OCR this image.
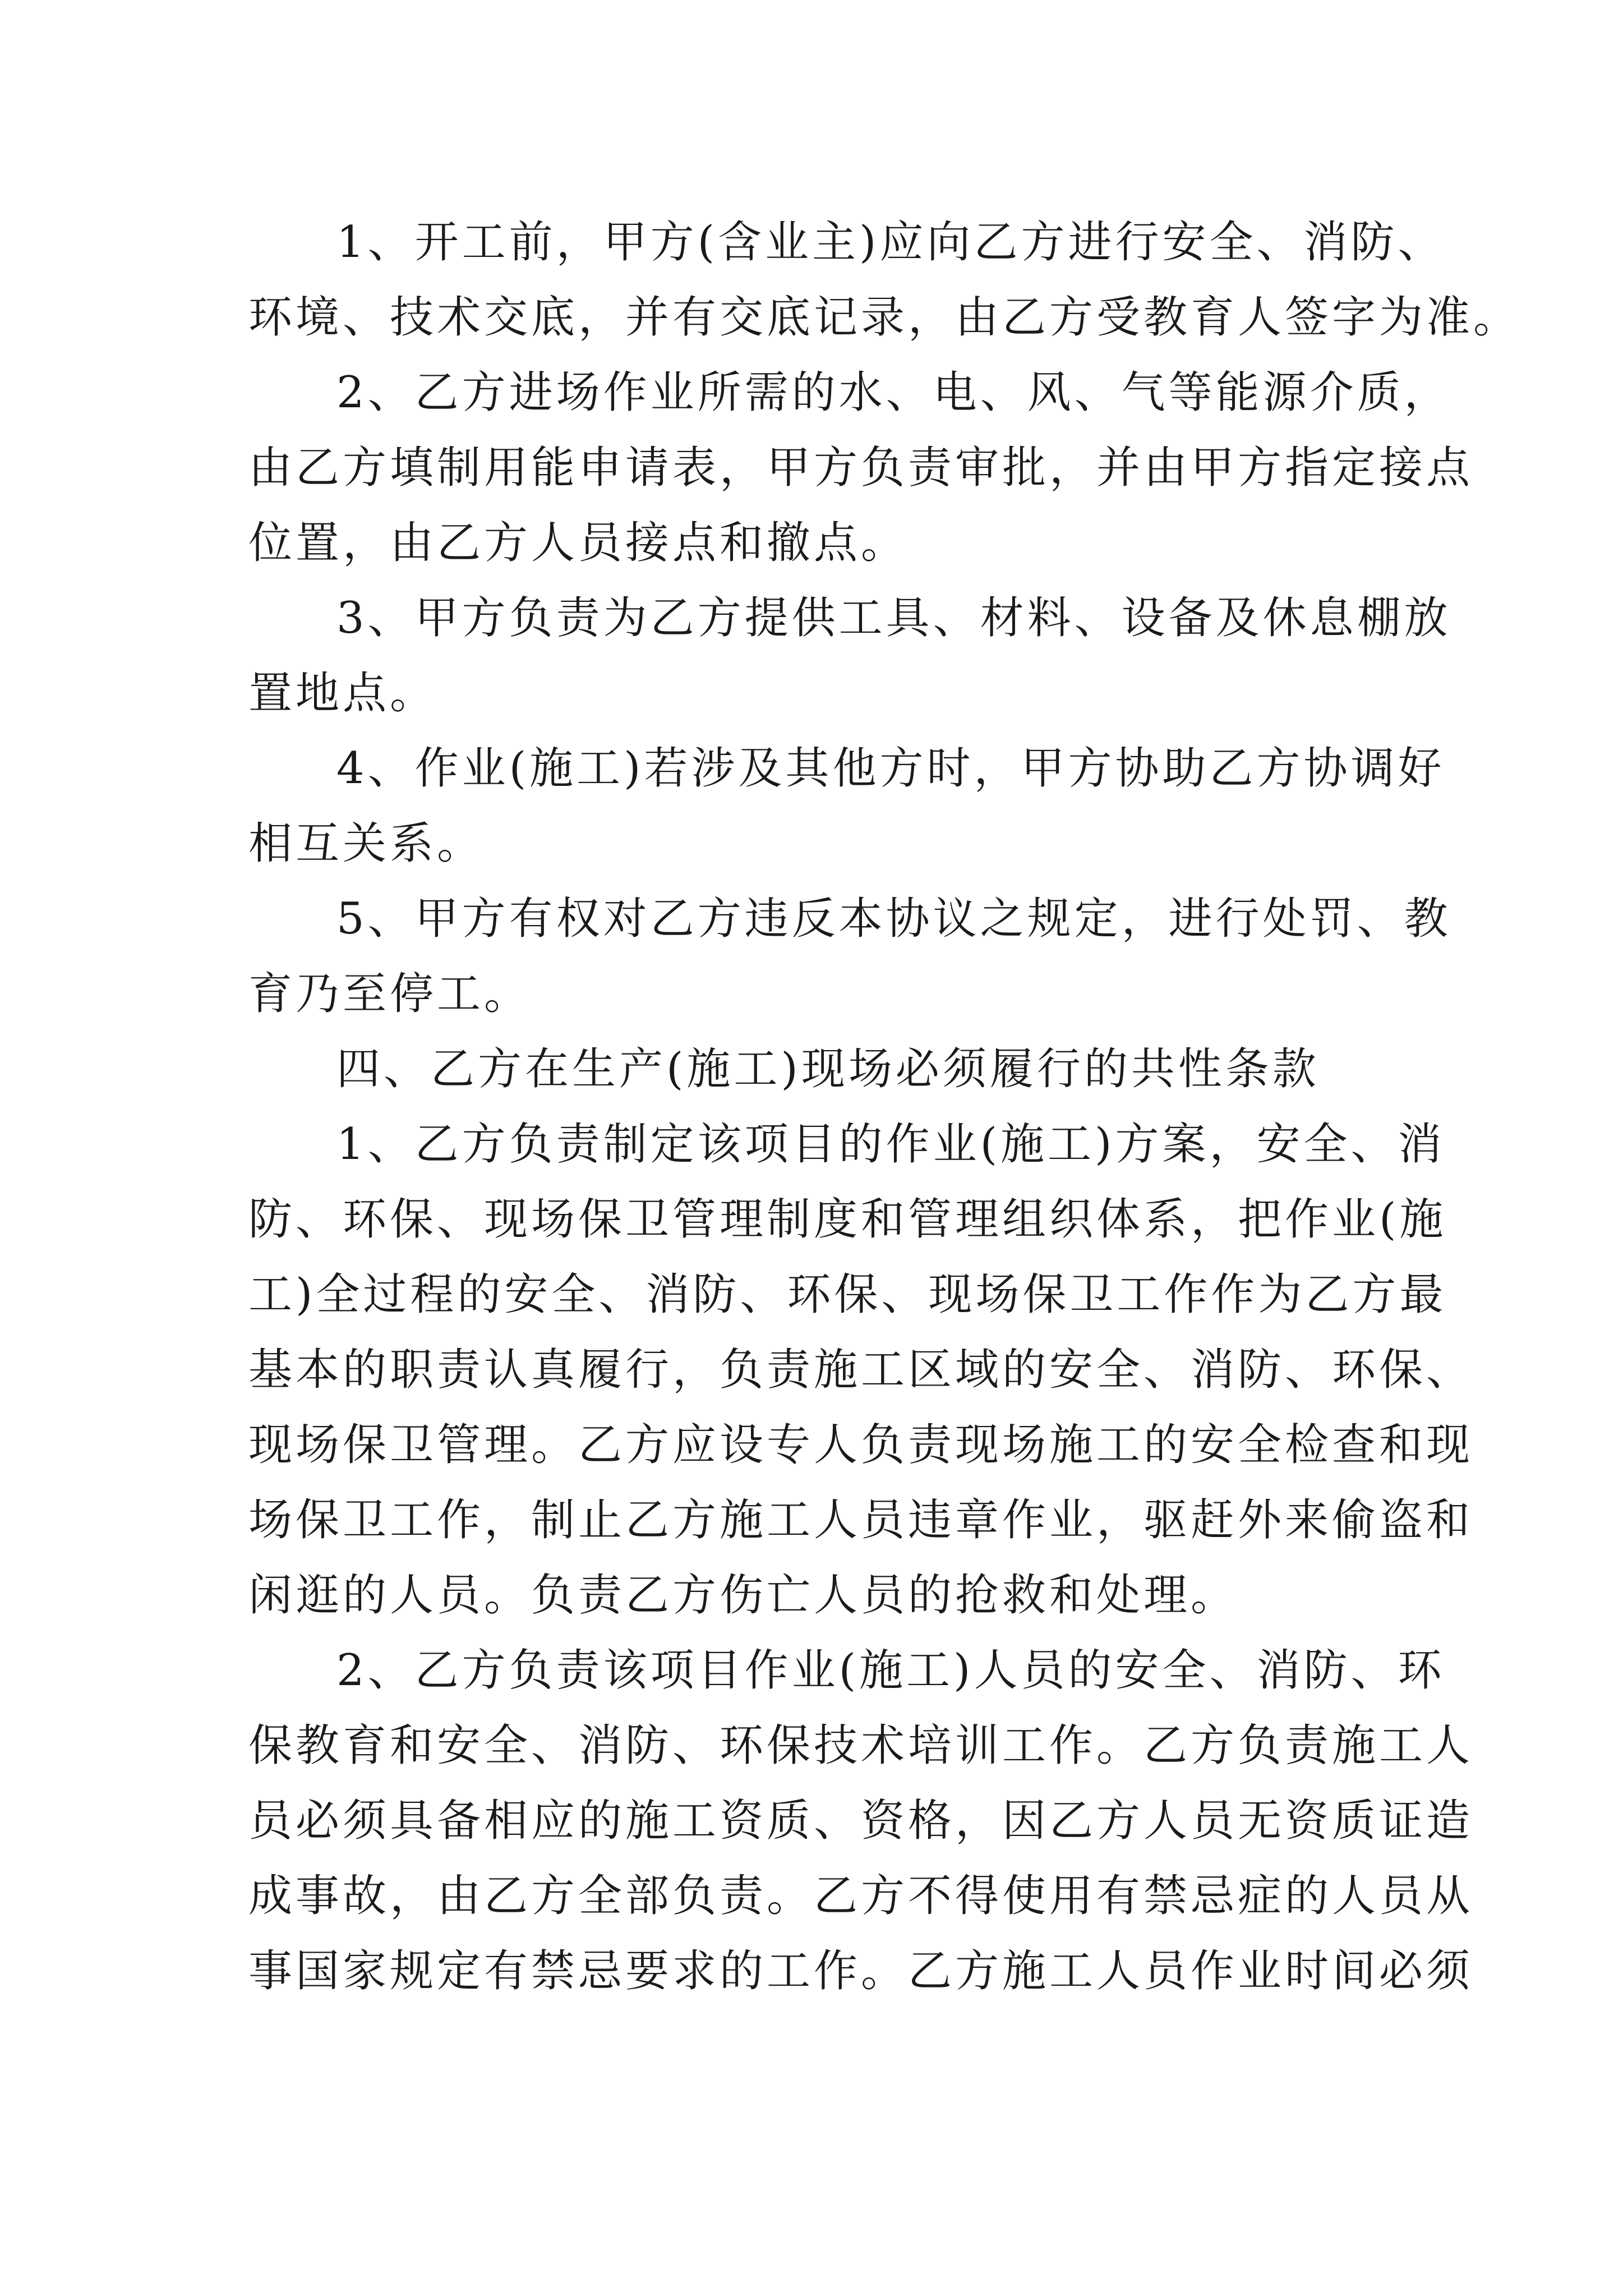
1、开工前，甲方(含业主)应向乙方进行安全、消防、
环境、技术交底，并有交底记录，由乙方受教育人签字为准。
2、乙方进场作业所需的水、电、风、气等能源介质，
由乙方填制用能申请表，甲方负责审批，并由甲方指定接点
位置，由乙方人员接点和撤点。
3、甲方负责为乙方提供工具、材料、设备及休息棚放
置地点。
4、作业(施工)若涉及其他方时，甲方协助乙方协调好
相互关系。
5、甲方有权对乙方违反本协议之规定，进行处罚、教
育乃至停工。
四、乙方在生产(施工)现场必须履行的共性条款
1、乙方负责制定该项目的作业(施工)方案，安全、消
防、环保、现场保卫管理制度和管理组织体系，把作业(施
工)全过程的安全、消防、环保、现场保卫工作作为乙方最
基本的职责认真履行，负责施工区域的安全、消防、环保、
现场保卫管理。乙方应设专人负责现场施工的安全检查和现
场保卫工作，制止乙方施工人员违章作业，驱赶外来偷盗和
闲逛的人员。负责乙方伤亡人员的抢救和处理。
2、乙方负责该项目作业(施工)人员的安全、消防、环
保教育和安全、消防、环保技术培训工作。乙方负责施工人
员必须具备相应的施工资质、资格，因乙方人员无资质证造
成事故，由乙方全部负责。乙方不得使用有禁忌症的人员从
事国家规定有禁忌要求的工作。乙方施工人员作业时间必须
